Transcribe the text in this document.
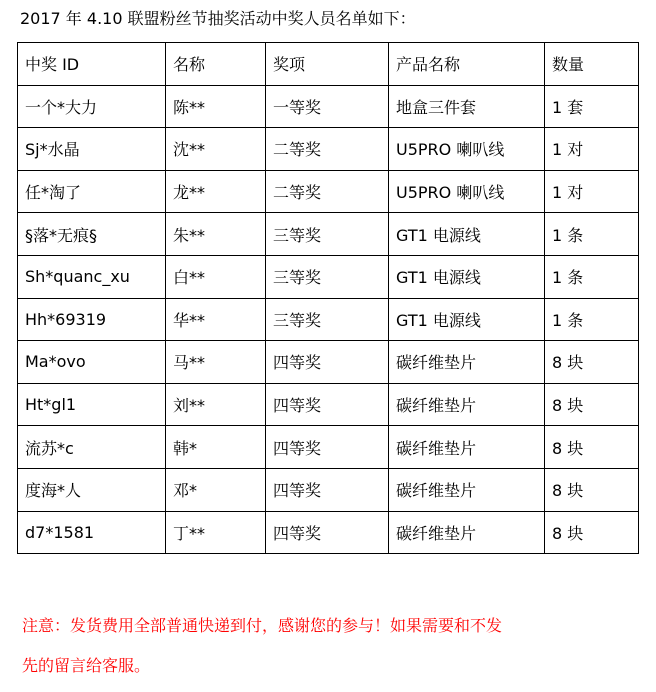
2017 年 4.10 联盟粉丝节抽奖活动中奖人员名单如下：
中奖 ID	名称	奖项	产品名称	数量
一个*大力	陈**	一等奖	地盒三件套	1 套
Sj*水晶	沈**	二等奖	U5PRO 喇叭线	1 对
任*淘了	龙**	二等奖	U5PRO 喇叭线	1 对
§落*无痕§	朱**	三等奖	GT1 电源线	1 条
Sh*quanc_xu	白**	三等奖	GT1 电源线	1 条
Hh*69319	华**	三等奖	GT1 电源线	1 条
Ma*ovo	马**	四等奖	碳纤维垫片	8 块
Ht*gl1	刘**	四等奖	碳纤维垫片	8 块
流苏*c	韩*	四等奖	碳纤维垫片	8 块
度海*人	邓*	四等奖	碳纤维垫片	8 块
d7*1581	丁**	四等奖	碳纤维垫片	8 块
注意：发货费用全部普通快递到付，感谢您的参与！如果需要和不发
先的留言给客服。
